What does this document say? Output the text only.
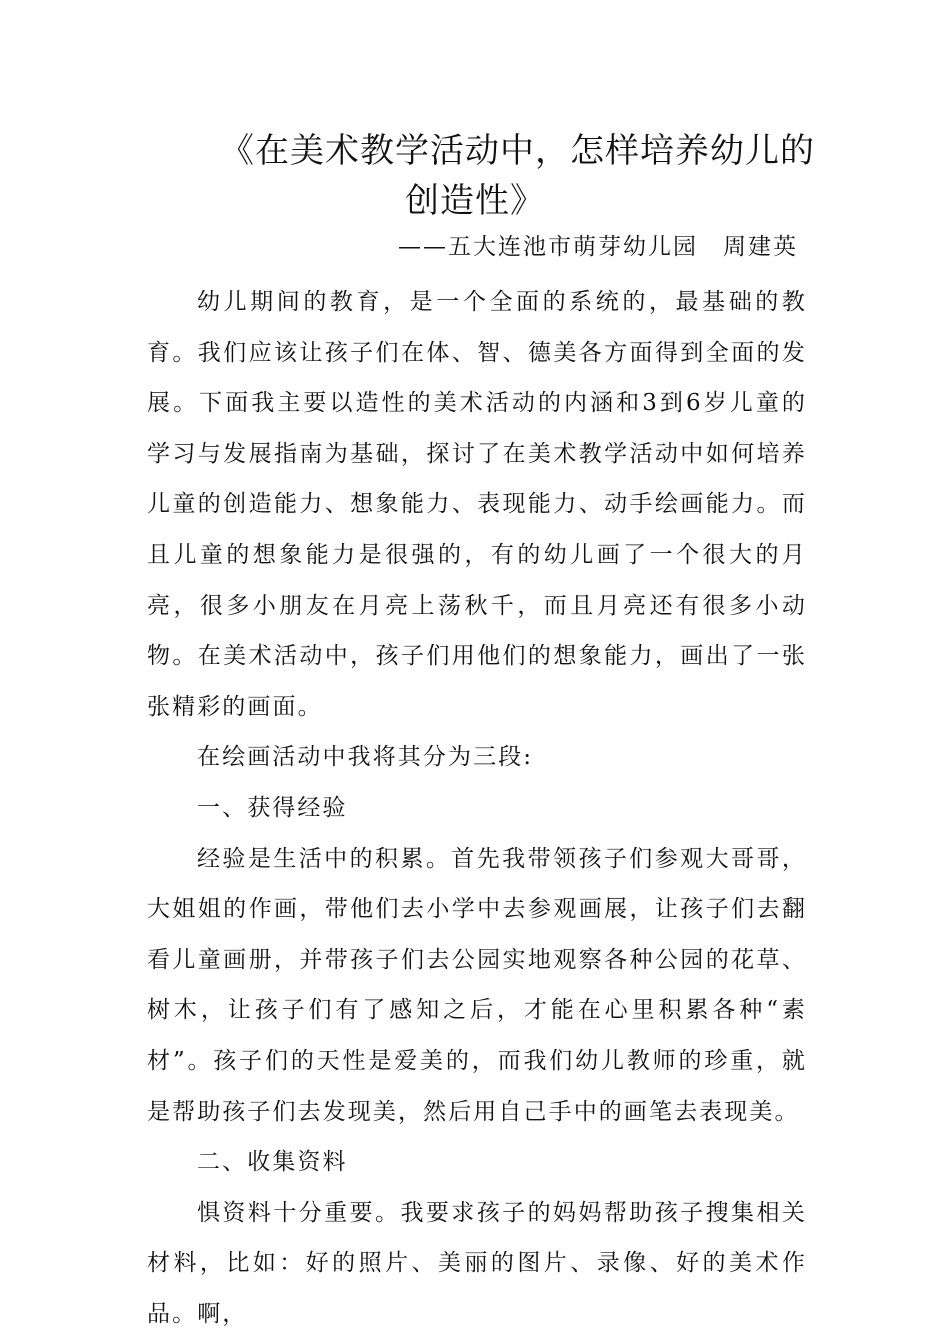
《在美术教学活动中，怎样培养幼儿的
创造性》
——五大连池市萌芽幼儿园　周建英

幼儿期间的教育，是一个全面的系统的，最基础的教育。我们应该让孩子们在体、智、德美各方面得到全面的发展。下面我主要以造性的美术活动的内涵和3到6岁儿童的学习与发展指南为基础，探讨了在美术教学活动中如何培养儿童的创造能力、想象能力、表现能力、动手绘画能力。而且儿童的想象能力是很强的，有的幼儿画了一个很大的月亮，很多小朋友在月亮上荡秋千，而且月亮还有很多小动物。在美术活动中，孩子们用他们的想象能力，画出了一张张精彩的画面。

在绘画活动中我将其分为三段:

一、获得经验

经验是生活中的积累。首先我带领孩子们参观大哥哥，大姐姐的作画，带他们去小学中去参观画展，让孩子们去翻看儿童画册，并带孩子们去公园实地观察各种公园的花草、树木，让孩子们有了感知之后，才能在心里积累各种“素材”。孩子们的天性是爱美的，而我们幼儿教师的珍重，就是帮助孩子们去发现美，然后用自己手中的画笔去表现美。

二、收集资料

惧资料十分重要。我要求孩子的妈妈帮助孩子搜集相关材料，比如：好的照片、美丽的图片、录像、好的美术作品。啊，
